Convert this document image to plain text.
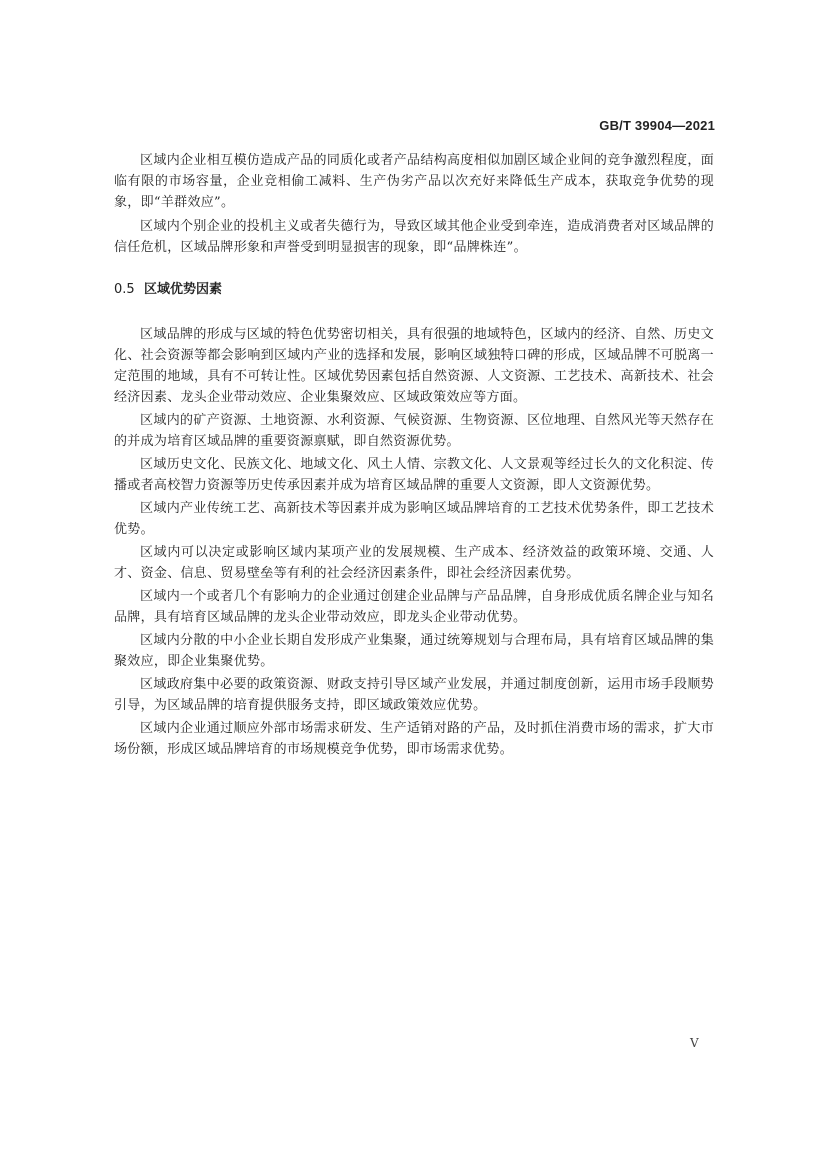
GB/T 39904—2021

区域内企业相互模仿造成产品的同质化或者产品结构高度相似加剧区域企业间的竞争激烈程度，面临有限的市场容量，企业竞相偷工减料、生产伪劣产品以次充好来降低生产成本，获取竞争优势的现象，即“羊群效应”。

区域内个别企业的投机主义或者失德行为，导致区域其他企业受到牵连，造成消费者对区域品牌的信任危机，区域品牌形象和声誉受到明显损害的现象，即“品牌株连”。

0.5 区域优势因素

区域品牌的形成与区域的特色优势密切相关，具有很强的地域特色，区域内的经济、自然、历史文化、社会资源等都会影响到区域内产业的选择和发展，影响区域独特口碑的形成，区域品牌不可脱离一定范围的地域，具有不可转让性。区域优势因素包括自然资源、人文资源、工艺技术、高新技术、社会经济因素、龙头企业带动效应、企业集聚效应、区域政策效应等方面。

区域内的矿产资源、土地资源、水利资源、气候资源、生物资源、区位地理、自然风光等天然存在的并成为培育区域品牌的重要资源禀赋，即自然资源优势。

区域历史文化、民族文化、地域文化、风土人情、宗教文化、人文景观等经过长久的文化积淀、传播或者高校智力资源等历史传承因素并成为培育区域品牌的重要人文资源，即人文资源优势。

区域内产业传统工艺、高新技术等因素并成为影响区域品牌培育的工艺技术优势条件，即工艺技术优势。

区域内可以决定或影响区域内某项产业的发展规模、生产成本、经济效益的政策环境、交通、人才、资金、信息、贸易壁垒等有利的社会经济因素条件，即社会经济因素优势。

区域内一个或者几个有影响力的企业通过创建企业品牌与产品品牌，自身形成优质名牌企业与知名品牌，具有培育区域品牌的龙头企业带动效应，即龙头企业带动优势。

区域内分散的中小企业长期自发形成产业集聚，通过统筹规划与合理布局，具有培育区域品牌的集聚效应，即企业集聚优势。

区域政府集中必要的政策资源、财政支持引导区域产业发展，并通过制度创新，运用市场手段顺势引导，为区域品牌的培育提供服务支持，即区域政策效应优势。

区域内企业通过顺应外部市场需求研发、生产适销对路的产品，及时抓住消费市场的需求，扩大市场份额，形成区域品牌培育的市场规模竞争优势，即市场需求优势。

V
